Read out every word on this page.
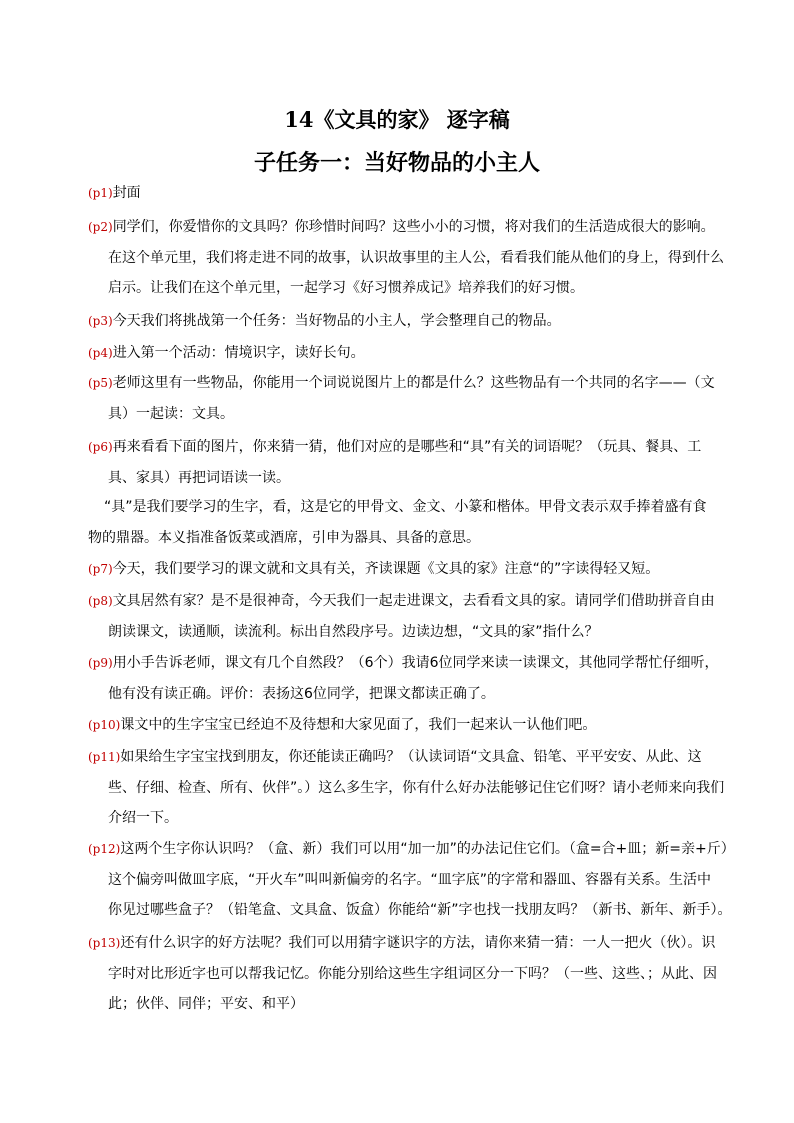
14《文具的家》 逐字稿
子任务一：当好物品的小主人
(p1)封面
(p2)同学们，你爱惜你的文具吗？你珍惜时间吗？这些小小的习惯，将对我们的生活造成很大的影响。
在这个单元里，我们将走进不同的故事，认识故事里的主人公，看看我们能从他们的身上，得到什么
启示。让我们在这个单元里，一起学习《好习惯养成记》培养我们的好习惯。
(p3)今天我们将挑战第一个任务：当好物品的小主人，学会整理自己的物品。
(p4)进入第一个活动：情境识字，读好长句。
(p5)老师这里有一些物品，你能用一个词说说图片上的都是什么？这些物品有一个共同的名字——（文
具）一起读：文具。
(p6)再来看看下面的图片，你来猜一猜，他们对应的是哪些和“具”有关的词语呢？（玩具、餐具、工
具、家具）再把词语读一读。
“具”是我们要学习的生字，看，这是它的甲骨文、金文、小篆和楷体。甲骨文表示双手捧着盛有食
物的鼎器。本义指准备饭菜或酒席，引申为器具、具备的意思。
(p7)今天，我们要学习的课文就和文具有关，齐读课题《文具的家》注意“的”字读得轻又短。
(p8)文具居然有家？是不是很神奇，今天我们一起走进课文，去看看文具的家。请同学们借助拼音自由
朗读课文，读通顺，读流利。标出自然段序号。边读边想，“文具的家”指什么？
(p9)用小手告诉老师，课文有几个自然段？（6个）我请6位同学来读一读课文，其他同学帮忙仔细听，
他有没有读正确。评价：表扬这6位同学，把课文都读正确了。
(p10)课文中的生字宝宝已经迫不及待想和大家见面了，我们一起来认一认他们吧。
(p11)如果给生字宝宝找到朋友，你还能读正确吗？（认读词语“文具盒、铅笔、平平安安、从此、这
些、仔细、检查、所有、伙伴”。）这么多生字，你有什么好办法能够记住它们呀？请小老师来向我们
介绍一下。
(p12)这两个生字你认识吗？（盒、新）我们可以用“加一加”的办法记住它们。（盒=合+皿；新=亲+斤）
这个偏旁叫做皿字底，“开火车”叫叫新偏旁的名字。“皿字底”的字常和器皿、容器有关系。生活中
你见过哪些盒子？（铅笔盒、文具盒、饭盒）你能给“新”字也找一找朋友吗？（新书、新年、新手）。
(p13)还有什么识字的好方法呢？我们可以用猜字谜识字的方法，请你来猜一猜：一人一把火（伙）。识
字时对比形近字也可以帮我记忆。你能分别给这些生字组词区分一下吗？（一些、这些、；从此、因
此；伙伴、同伴；平安、和平）
